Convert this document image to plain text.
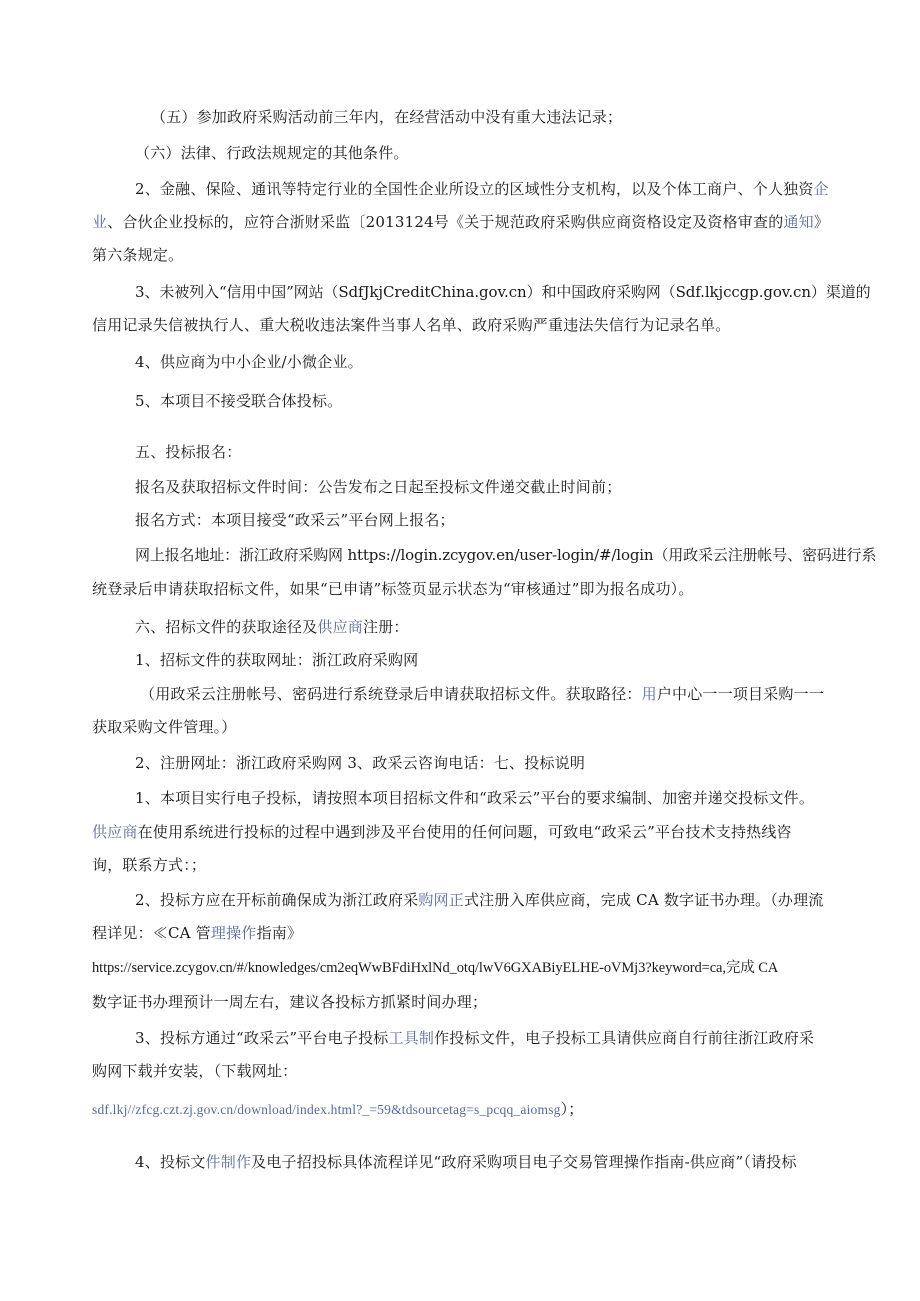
（五）参加政府采购活动前三年内，在经营活动中没有重大违法记录；
（六）法律、行政法规规定的其他条件。
2、金融、保险、通讯等特定行业的全国性企业所设立的区域性分支机构，以及个体工商户、个人独资企
业、合伙企业投标的，应符合浙财采监〔2013124号《关于规范政府采购供应商资格设定及资格审查的通知》
第六条规定。
3、未被列入“信用中国”网站（SdfJkjCreditChina.gov.cn）和中国政府采购网（Sdf.lkjccgp.gov.cn）渠道的
信用记录失信被执行人、重大税收违法案件当事人名单、政府采购严重违法失信行为记录名单。
4、供应商为中小企业/小微企业。
5、本项目不接受联合体投标。
五、投标报名：
报名及获取招标文件时间：公告发布之日起至投标文件递交截止时间前；
报名方式：本项目接受“政采云”平台网上报名；
网上报名地址：浙江政府采购网 https://login.zcygov.en/user-login/#/login（用政采云注册帐号、密码进行系
统登录后申请获取招标文件，如果“已申请”标签页显示状态为“审核通过”即为报名成功）。
六、招标文件的获取途径及供应商注册：
1、招标文件的获取网址：浙江政府采购网
（用政采云注册帐号、密码进行系统登录后申请获取招标文件。获取路径：用户中心一一项目采购一一
获取采购文件管理。）
2、注册网址：浙江政府采购网 3、政采云咨询电话：七、投标说明
1、本项目实行电子投标，请按照本项目招标文件和“政采云”平台的要求编制、加密并递交投标文件。
供应商在使用系统进行投标的过程中遇到涉及平台使用的任何问题，可致电“政采云”平台技术支持热线咨
询，联系方式：；
2、投标方应在开标前确保成为浙江政府采购网正式注册入库供应商，完成 CA 数字证书办理。（办理流
程详见：≪CA 管理操作指南》
https://service.zcygov.cn/#/knowledges/cm2eqWwBFdiHxlNd_otq/lwV6GXABiyELHE-oVMj3?keyword=ca,完成 CA
数字证书办理预计一周左右，建议各投标方抓紧时间办理；
3、投标方通过“政采云”平台电子投标工具制作投标文件，电子投标工具请供应商自行前往浙江政府采
购网下载并安装，（下载网址：
sdf.lkj//zfcg.czt.zj.gov.cn/download/index.html?_=59&tdsourcetag=s_pcqq_aiomsg）；
4、投标文件制作及电子招投标具体流程详见“政府采购项目电子交易管理操作指南-供应商”（请投标
